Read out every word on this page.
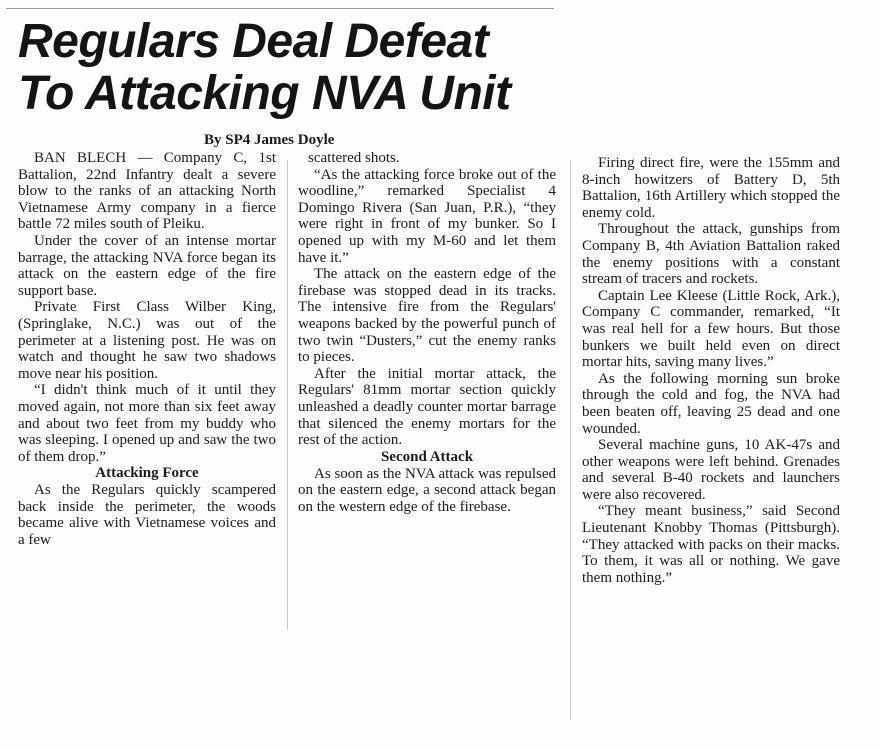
Regulars Deal Defeat
To Attacking NVA Unit
By SP4 James Doyle

BAN BLECH — Company C, 1st Battalion, 22nd Infantry dealt a severe blow to the ranks of an attacking North Vietnamese Army company in a fierce battle 72 miles south of Pleiku.

Under the cover of an intense mortar barrage, the attacking NVA force began its attack on the eastern edge of the fire support base.

Private First Class Wilber King, (Springlake, N.C.) was out of the perimeter at a listening post. He was on watch and thought he saw two shadows move near his position.

“I didn't think much of it until they moved again, not more than six feet away and about two feet from my buddy who was sleeping. I opened up and saw the two of them drop.”

Attacking Force

As the Regulars quickly scampered back inside the perimeter, the woods became alive with Vietnamese voices and a few

scattered shots.

“As the attacking force broke out of the woodline,” remarked Specialist 4 Domingo Rivera (San Juan, P.R.), “they were right in front of my bunker. So I opened up with my M-60 and let them have it.”

The attack on the eastern edge of the firebase was stopped dead in its tracks. The intensive fire from the Regulars' weapons backed by the powerful punch of two twin “Dusters,” cut the enemy ranks to pieces.

After the initial mortar attack, the Regulars' 81mm mortar section quickly unleashed a deadly counter mortar barrage that silenced the enemy mortars for the rest of the action.

Second Attack

As soon as the NVA attack was repulsed on the eastern edge, a second attack began on the western edge of the firebase.

Firing direct fire, were the 155mm and 8-inch howitzers of Battery D, 5th Battalion, 16th Artillery which stopped the enemy cold.

Throughout the attack, gunships from Company B, 4th Aviation Battalion raked the enemy positions with a constant stream of tracers and rockets.

Captain Lee Kleese (Little Rock, Ark.), Company C commander, remarked, “It was real hell for a few hours. But those bunkers we built held even on direct mortar hits, saving many lives.”

As the following morning sun broke through the cold and fog, the NVA had been beaten off, leaving 25 dead and one wounded.

Several machine guns, 10 AK-47s and other weapons were left behind. Grenades and several B-40 rockets and launchers were also recovered.

“They meant business,” said Second Lieutenant Knobby Thomas (Pittsburgh). “They attacked with packs on their macks. To them, it was all or nothing. We gave them nothing.”
